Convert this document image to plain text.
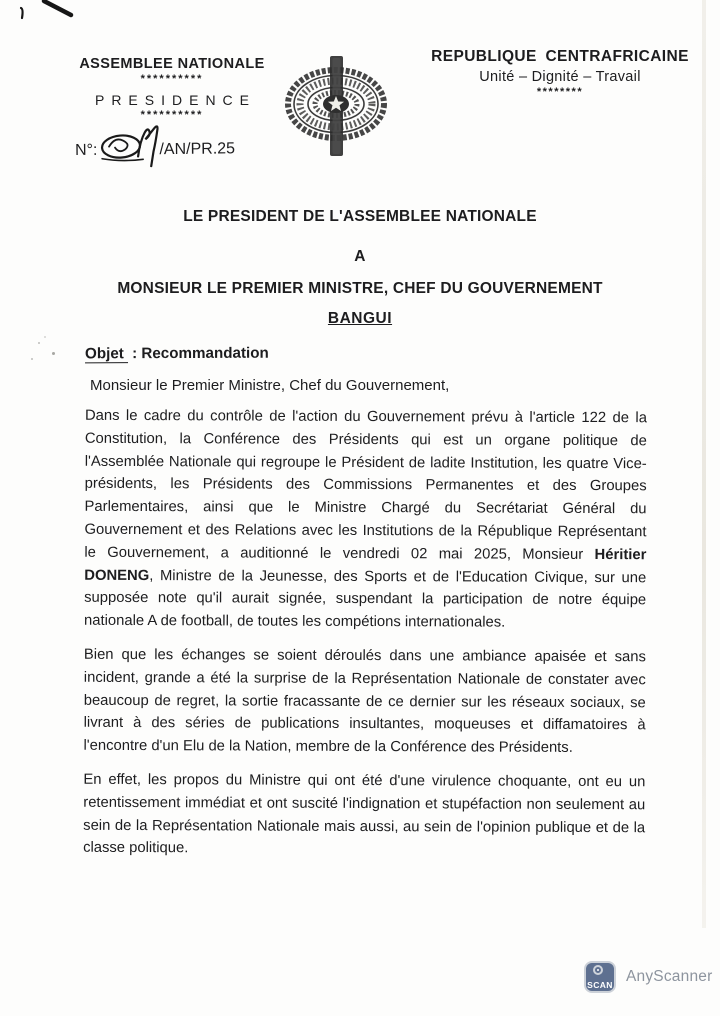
ASSEMBLEE NATIONALE
**********
PRESIDENCE
**********
N°:	/AN/PR.25
REPUBLIQUE CENTRAFRICAINE
Unité – Dignité – Travail
********
LE PRESIDENT DE L'ASSEMBLEE NATIONALE
A
MONSIEUR LE PREMIER MINISTRE, CHEF DU GOUVERNEMENT
BANGUI
Objet : Recommandation
Monsieur le Premier Ministre, Chef du Gouvernement,

Dans le cadre du contrôle de l'action du Gouvernement prévu à l'article 122 de la Constitution, la Conférence des Présidents qui est un organe politique de l'Assemblée Nationale qui regroupe le Président de ladite Institution, les quatre Vice-présidents, les Présidents des Commissions Permanentes et des Groupes Parlementaires, ainsi que le Ministre Chargé du Secrétariat Général du Gouvernement et des Relations avec les Institutions de la République Représentant le Gouvernement, a auditionné le vendredi 02 mai 2025, Monsieur Héritier DONENG, Ministre de la Jeunesse, des Sports et de l'Education Civique, sur une supposée note qu'il aurait signée, suspendant la participation de notre équipe nationale A de football, de toutes les compétions internationales.

Bien que les échanges se soient déroulés dans une ambiance apaisée et sans incident, grande a été la surprise de la Représentation Nationale de constater avec beaucoup de regret, la sortie fracassante de ce dernier sur les réseaux sociaux, se livrant à des séries de publications insultantes, moqueuses et diffamatoires à l'encontre d'un Elu de la Nation, membre de la Conférence des Présidents.

En effet, les propos du Ministre qui ont été d'une virulence choquante, ont eu un retentissement immédiat et ont suscité l'indignation et stupéfaction non seulement au sein de la Représentation Nationale mais aussi, au sein de l'opinion publique et de la classe politique.

SCAN AnyScanner
